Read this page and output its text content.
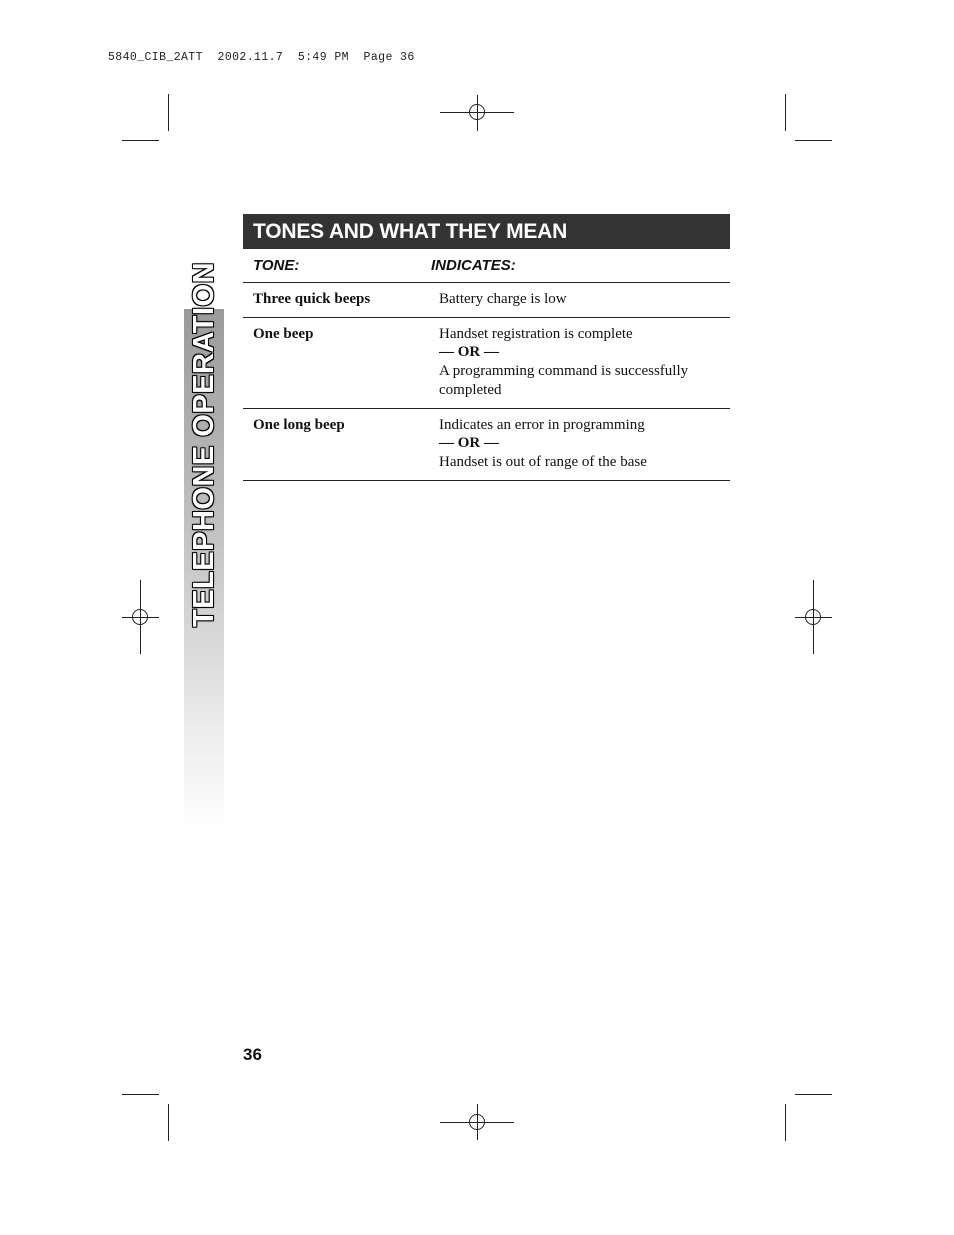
5840_CIB_2ATT  2002.11.7  5:49 PM  Page 36
TELEPHONE OPERATION
TONES AND WHAT THEY MEAN
TONE:	INDICATES:
Three quick beeps	Battery charge is low
One beep	Handset registration is complete
— OR —
A programming command is successfully
completed
One long beep	Indicates an error in programming
— OR —
Handset is out of range of the base
36
